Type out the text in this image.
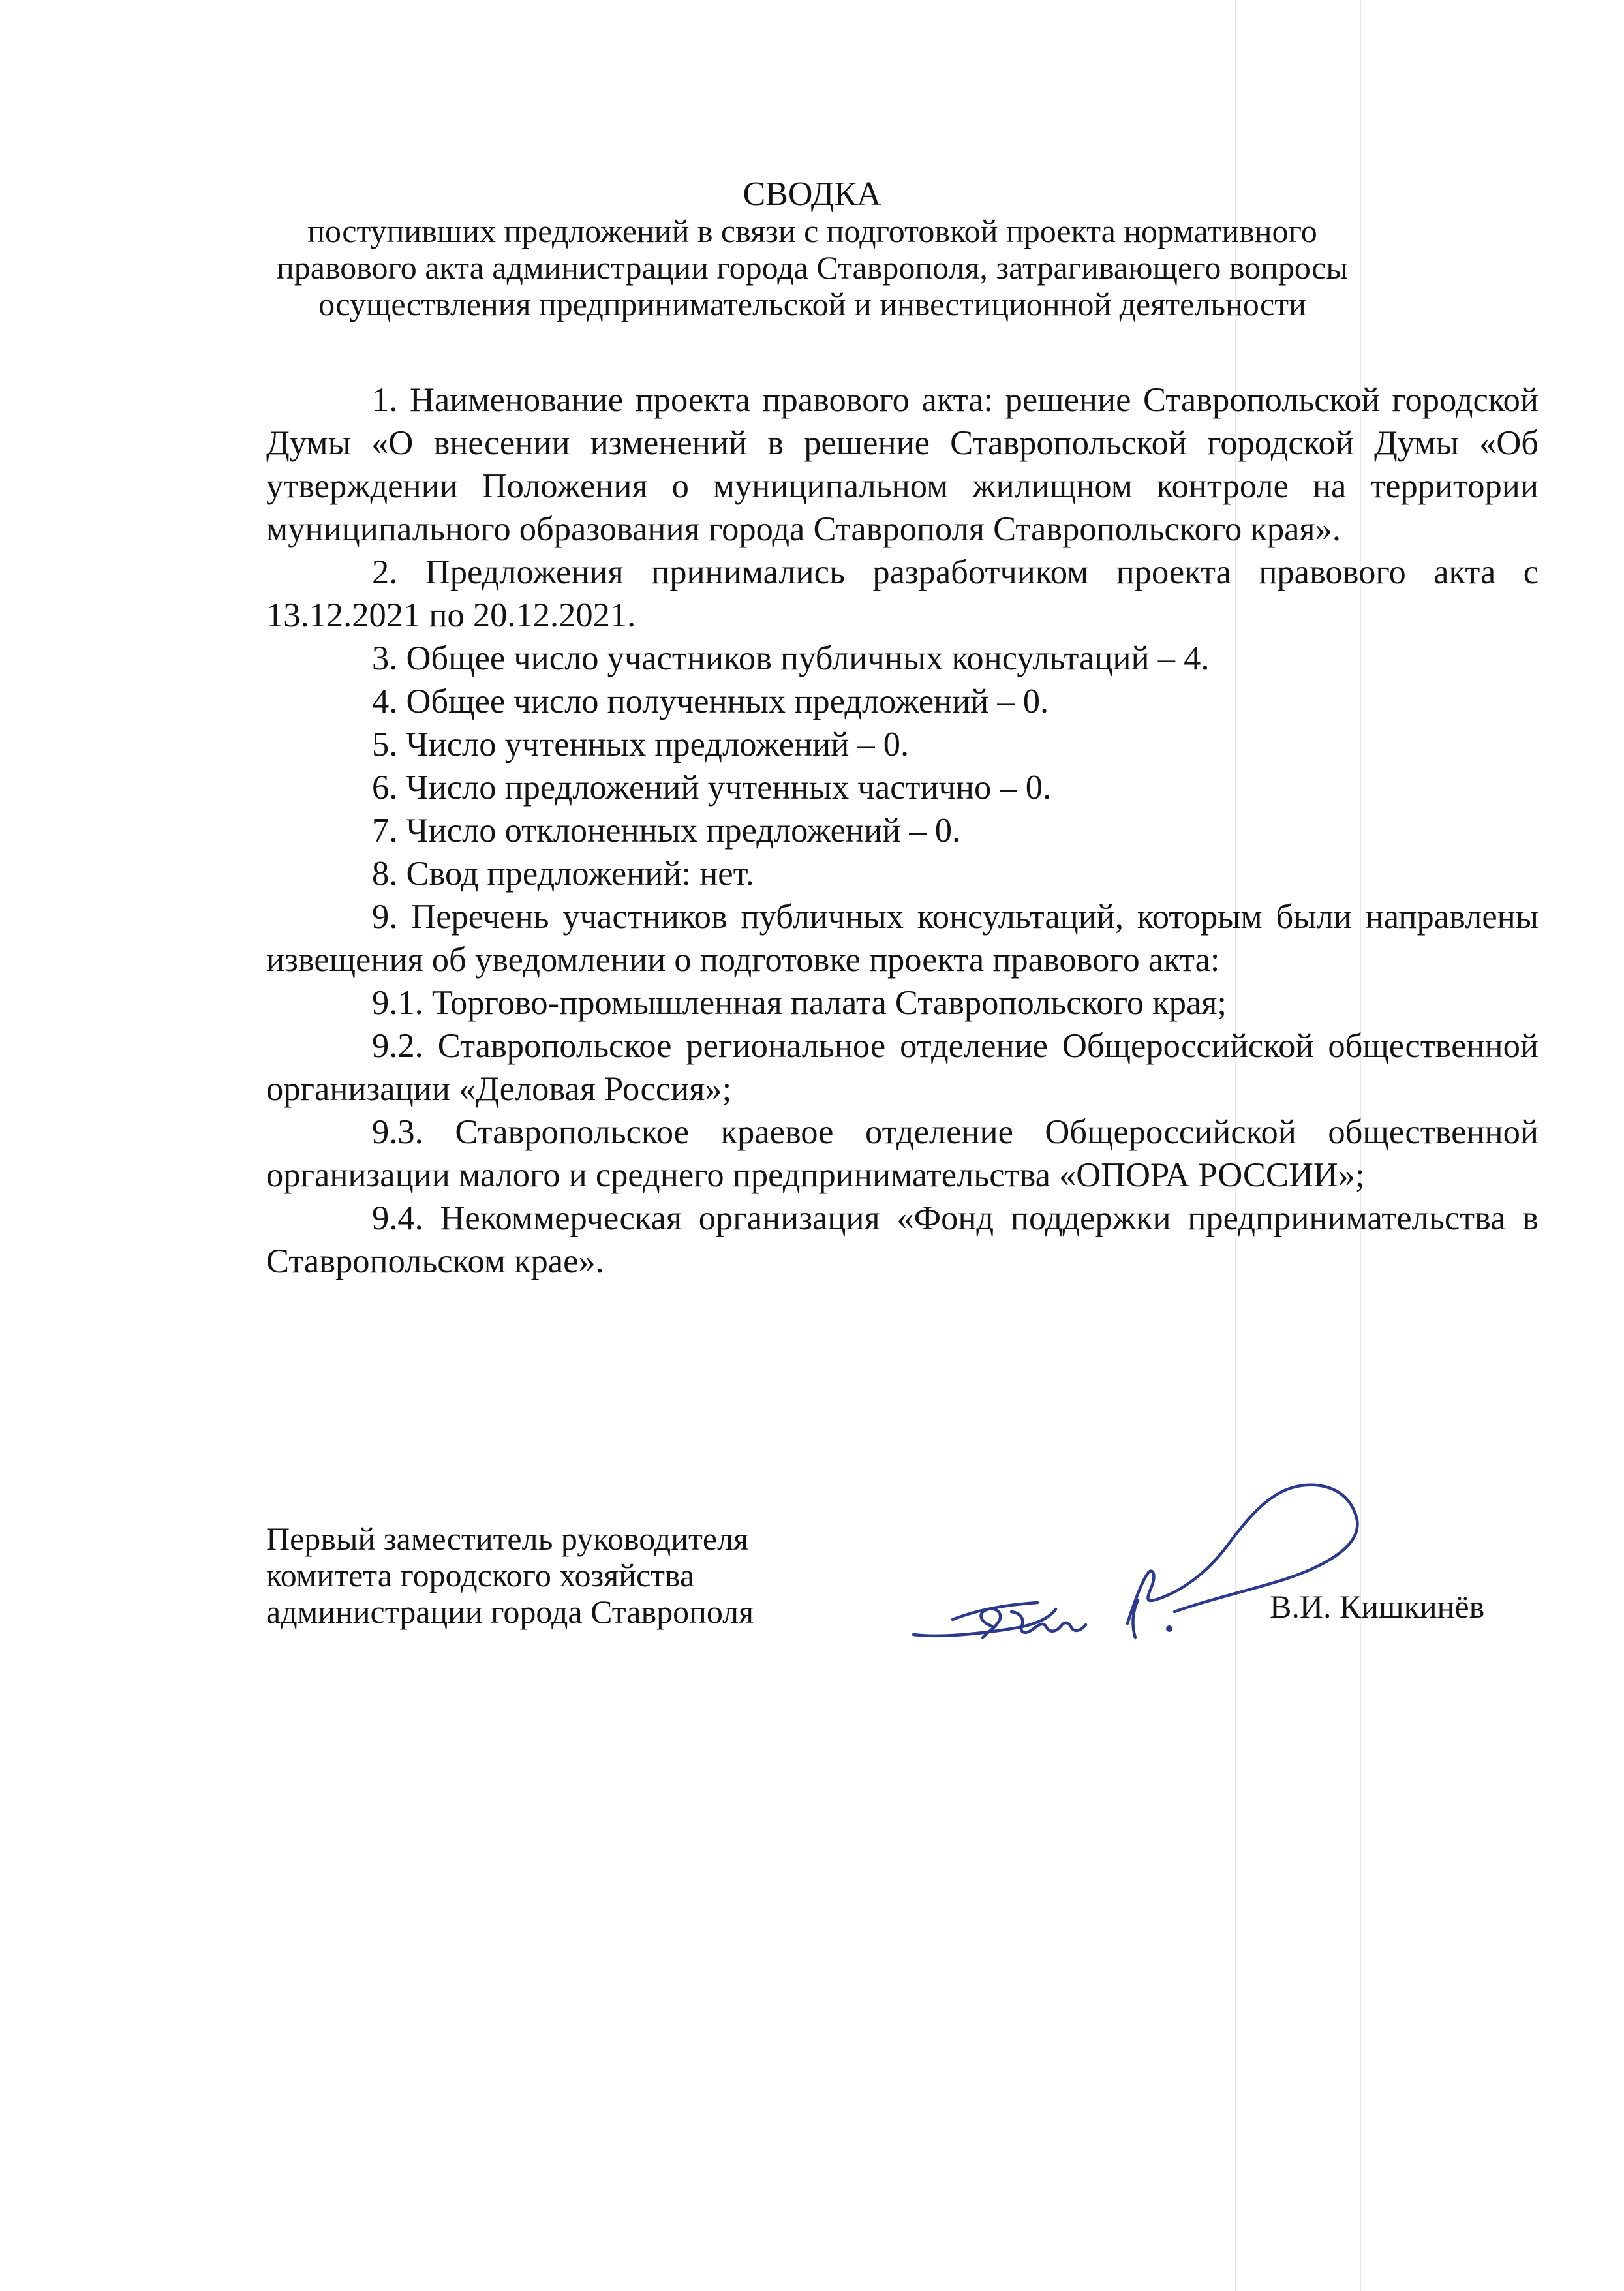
СВОДКА
поступивших предложений в связи с подготовкой проекта нормативного
правового акта администрации города Ставрополя, затрагивающего вопросы
осуществления предпринимательской и инвестиционной деятельности

1. Наименование проекта правового акта: решение Ставропольской городской Думы «О внесении изменений в решение Ставропольской городской Думы «Об утверждении Положения о муниципальном жилищном контроле на территории муниципального образования города Ставрополя Ставропольского края».

2. Предложения принимались разработчиком проекта правового акта с 13.12.2021 по 20.12.2021.

3. Общее число участников публичных консультаций – 4.

4. Общее число полученных предложений – 0.

5. Число учтенных предложений – 0.

6. Число предложений учтенных частично – 0.

7. Число отклоненных предложений – 0.

8. Свод предложений: нет.

9. Перечень участников публичных консультаций, которым были направлены извещения об уведомлении о подготовке проекта правового акта:

9.1. Торгово-промышленная палата Ставропольского края;

9.2. Ставропольское региональное отделение Общероссийской общественной организации «Деловая Россия»;

9.3. Ставропольское краевое отделение Общероссийской общественной организации малого и среднего предпринимательства «ОПОРА РОССИИ»;

9.4. Некоммерческая организация «Фонд поддержки предпринимательства в Ставропольском крае».

Первый заместитель руководителя
комитета городского хозяйства
администрации города Ставрополя	В.И. Кишкинёв
